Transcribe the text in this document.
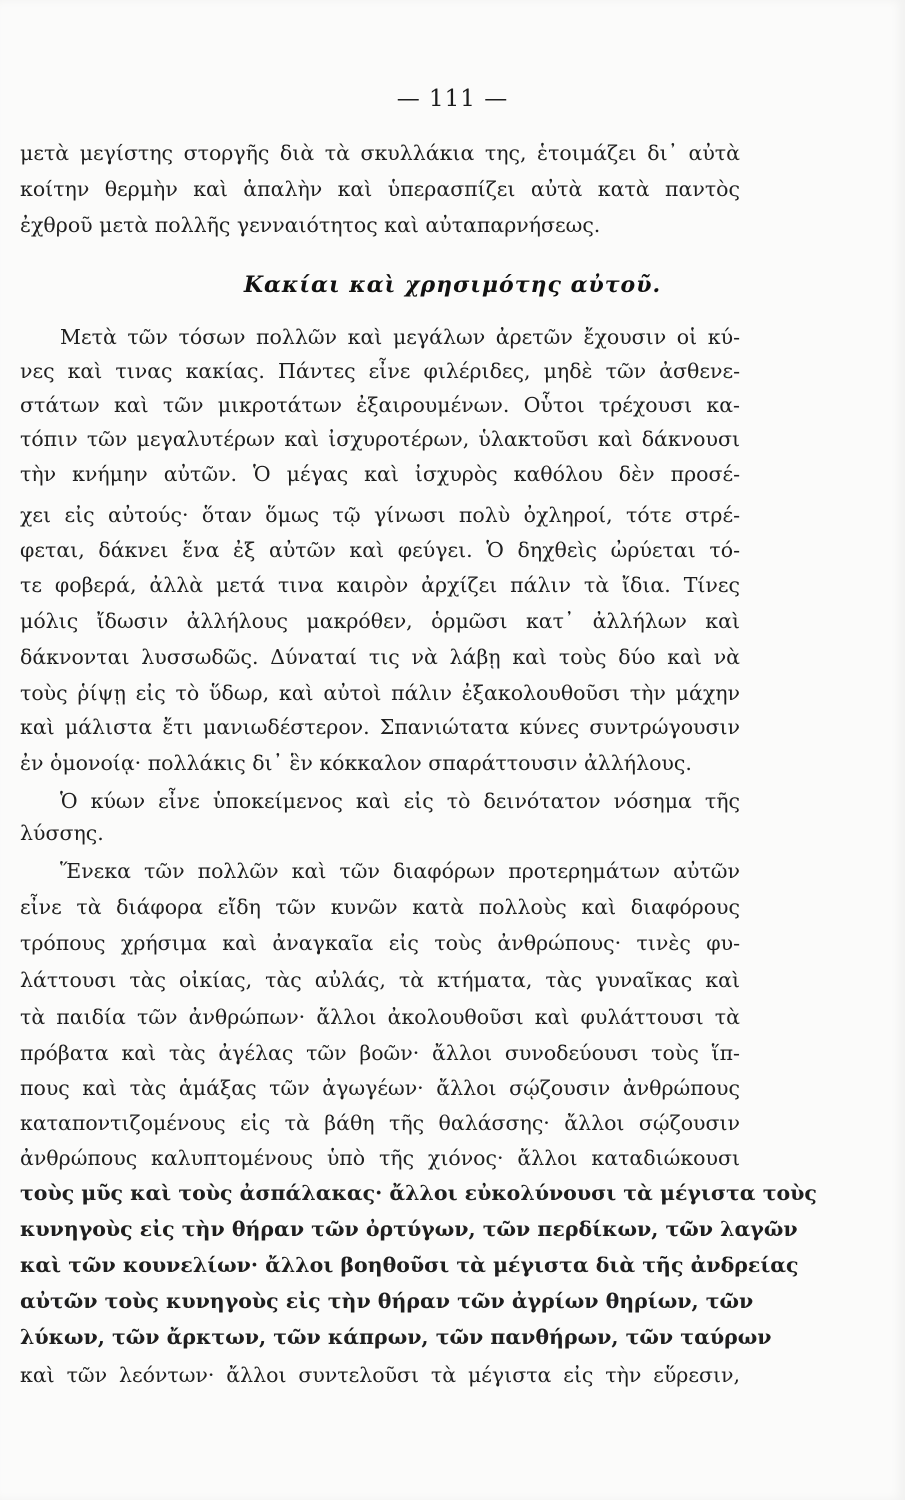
— 111 —
Κακίαι καὶ χρησιμότης αὐτοῦ.
μετὰ μεγίστης στοργῆς διὰ τὰ σκυλλάκια της, ἑτοιμάζει δι᾽ αὐτὰ
κοίτην θερμὴν καὶ ἁπαλὴν καὶ ὑπερασπίζει αὐτὰ κατὰ παντὸς
ἐχθροῦ μετὰ πολλῆς γενναιότητος καὶ αὐταπαρνήσεως.
Μετὰ τῶν τόσων πολλῶν καὶ μεγάλων ἀρετῶν ἔχουσιν οἱ κύ-
νες καὶ τινας κακίας. Πάντες εἶνε φιλέριδες, μηδὲ τῶν ἀσθενε-
στάτων καὶ τῶν μικροτάτων ἐξαιρουμένων. Οὗτοι τρέχουσι κα-
τόπιν τῶν μεγαλυτέρων καὶ ἰσχυροτέρων, ὑλακτοῦσι καὶ δάκνουσι
τὴν κνήμην αὐτῶν. Ὁ μέγας καὶ ἰσχυρὸς καθόλου δὲν προσέ-
χει εἰς αὐτούς· ὅταν ὅμως τῷ γίνωσι πολὺ ὀχληροί, τότε στρέ-
φεται, δάκνει ἕνα ἐξ αὐτῶν καὶ φεύγει. Ὁ δηχθεὶς ὠρύεται τό-
τε φοβερά, ἀλλὰ μετά τινα καιρὸν ἀρχίζει πάλιν τὰ ἴδια. Τίνες
μόλις ἴδωσιν ἀλλήλους μακρόθεν, ὁρμῶσι κατ᾽ ἀλλήλων καὶ
δάκνονται λυσσωδῶς. Δύναταί τις νὰ λάβῃ καὶ τοὺς δύο καὶ νὰ
τοὺς ῥίψῃ εἰς τὸ ὕδωρ, καὶ αὐτοὶ πάλιν ἐξακολουθοῦσι τὴν μάχην
καὶ μάλιστα ἔτι μανιωδέστερον. Σπανιώτατα κύνες συντρώγουσιν
ἐν ὁμονοίᾳ· πολλάκις δι᾽ ἓν κόκκαλον σπαράττουσιν ἀλλήλους.
Ὁ κύων εἶνε ὑποκείμενος καὶ εἰς τὸ δεινότατον νόσημα τῆς
λύσσης.
Ἕνεκα τῶν πολλῶν καὶ τῶν διαφόρων προτερημάτων αὐτῶν
εἶνε τὰ διάφορα εἴδη τῶν κυνῶν κατὰ πολλοὺς καὶ διαφόρους
τρόπους χρήσιμα καὶ ἀναγκαῖα εἰς τοὺς ἀνθρώπους· τινὲς φυ-
λάττουσι τὰς οἰκίας, τὰς αὐλάς, τὰ κτήματα, τὰς γυναῖκας καὶ
τὰ παιδία τῶν ἀνθρώπων· ἄλλοι ἀκολουθοῦσι καὶ φυλάττουσι τὰ
πρόβατα καὶ τὰς ἀγέλας τῶν βοῶν· ἄλλοι συνοδεύουσι τοὺς ἵπ-
πους καὶ τὰς ἁμάξας τῶν ἀγωγέων· ἄλλοι σῴζουσιν ἀνθρώπους
καταποντιζομένους εἰς τὰ βάθη τῆς θαλάσσης· ἄλλοι σῴζουσιν
ἀνθρώπους καλυπτομένους ὑπὸ τῆς χιόνος· ἄλλοι καταδιώκουσι
τοὺς μῦς καὶ τοὺς ἀσπάλακας· ἄλλοι εὐκολύνουσι τὰ μέγιστα τοὺς
κυνηγοὺς εἰς τὴν θήραν τῶν ὀρτύγων, τῶν περδίκων, τῶν λαγῶν
καὶ τῶν κουνελίων· ἄλλοι βοηθοῦσι τὰ μέγιστα διὰ τῆς ἀνδρείας
αὐτῶν τοὺς κυνηγοὺς εἰς τὴν θήραν τῶν ἀγρίων θηρίων, τῶν
λύκων, τῶν ἄρκτων, τῶν κάπρων, τῶν πανθήρων, τῶν ταύρων
καὶ τῶν λεόντων· ἄλλοι συντελοῦσι τὰ μέγιστα εἰς τὴν εὕρεσιν,
